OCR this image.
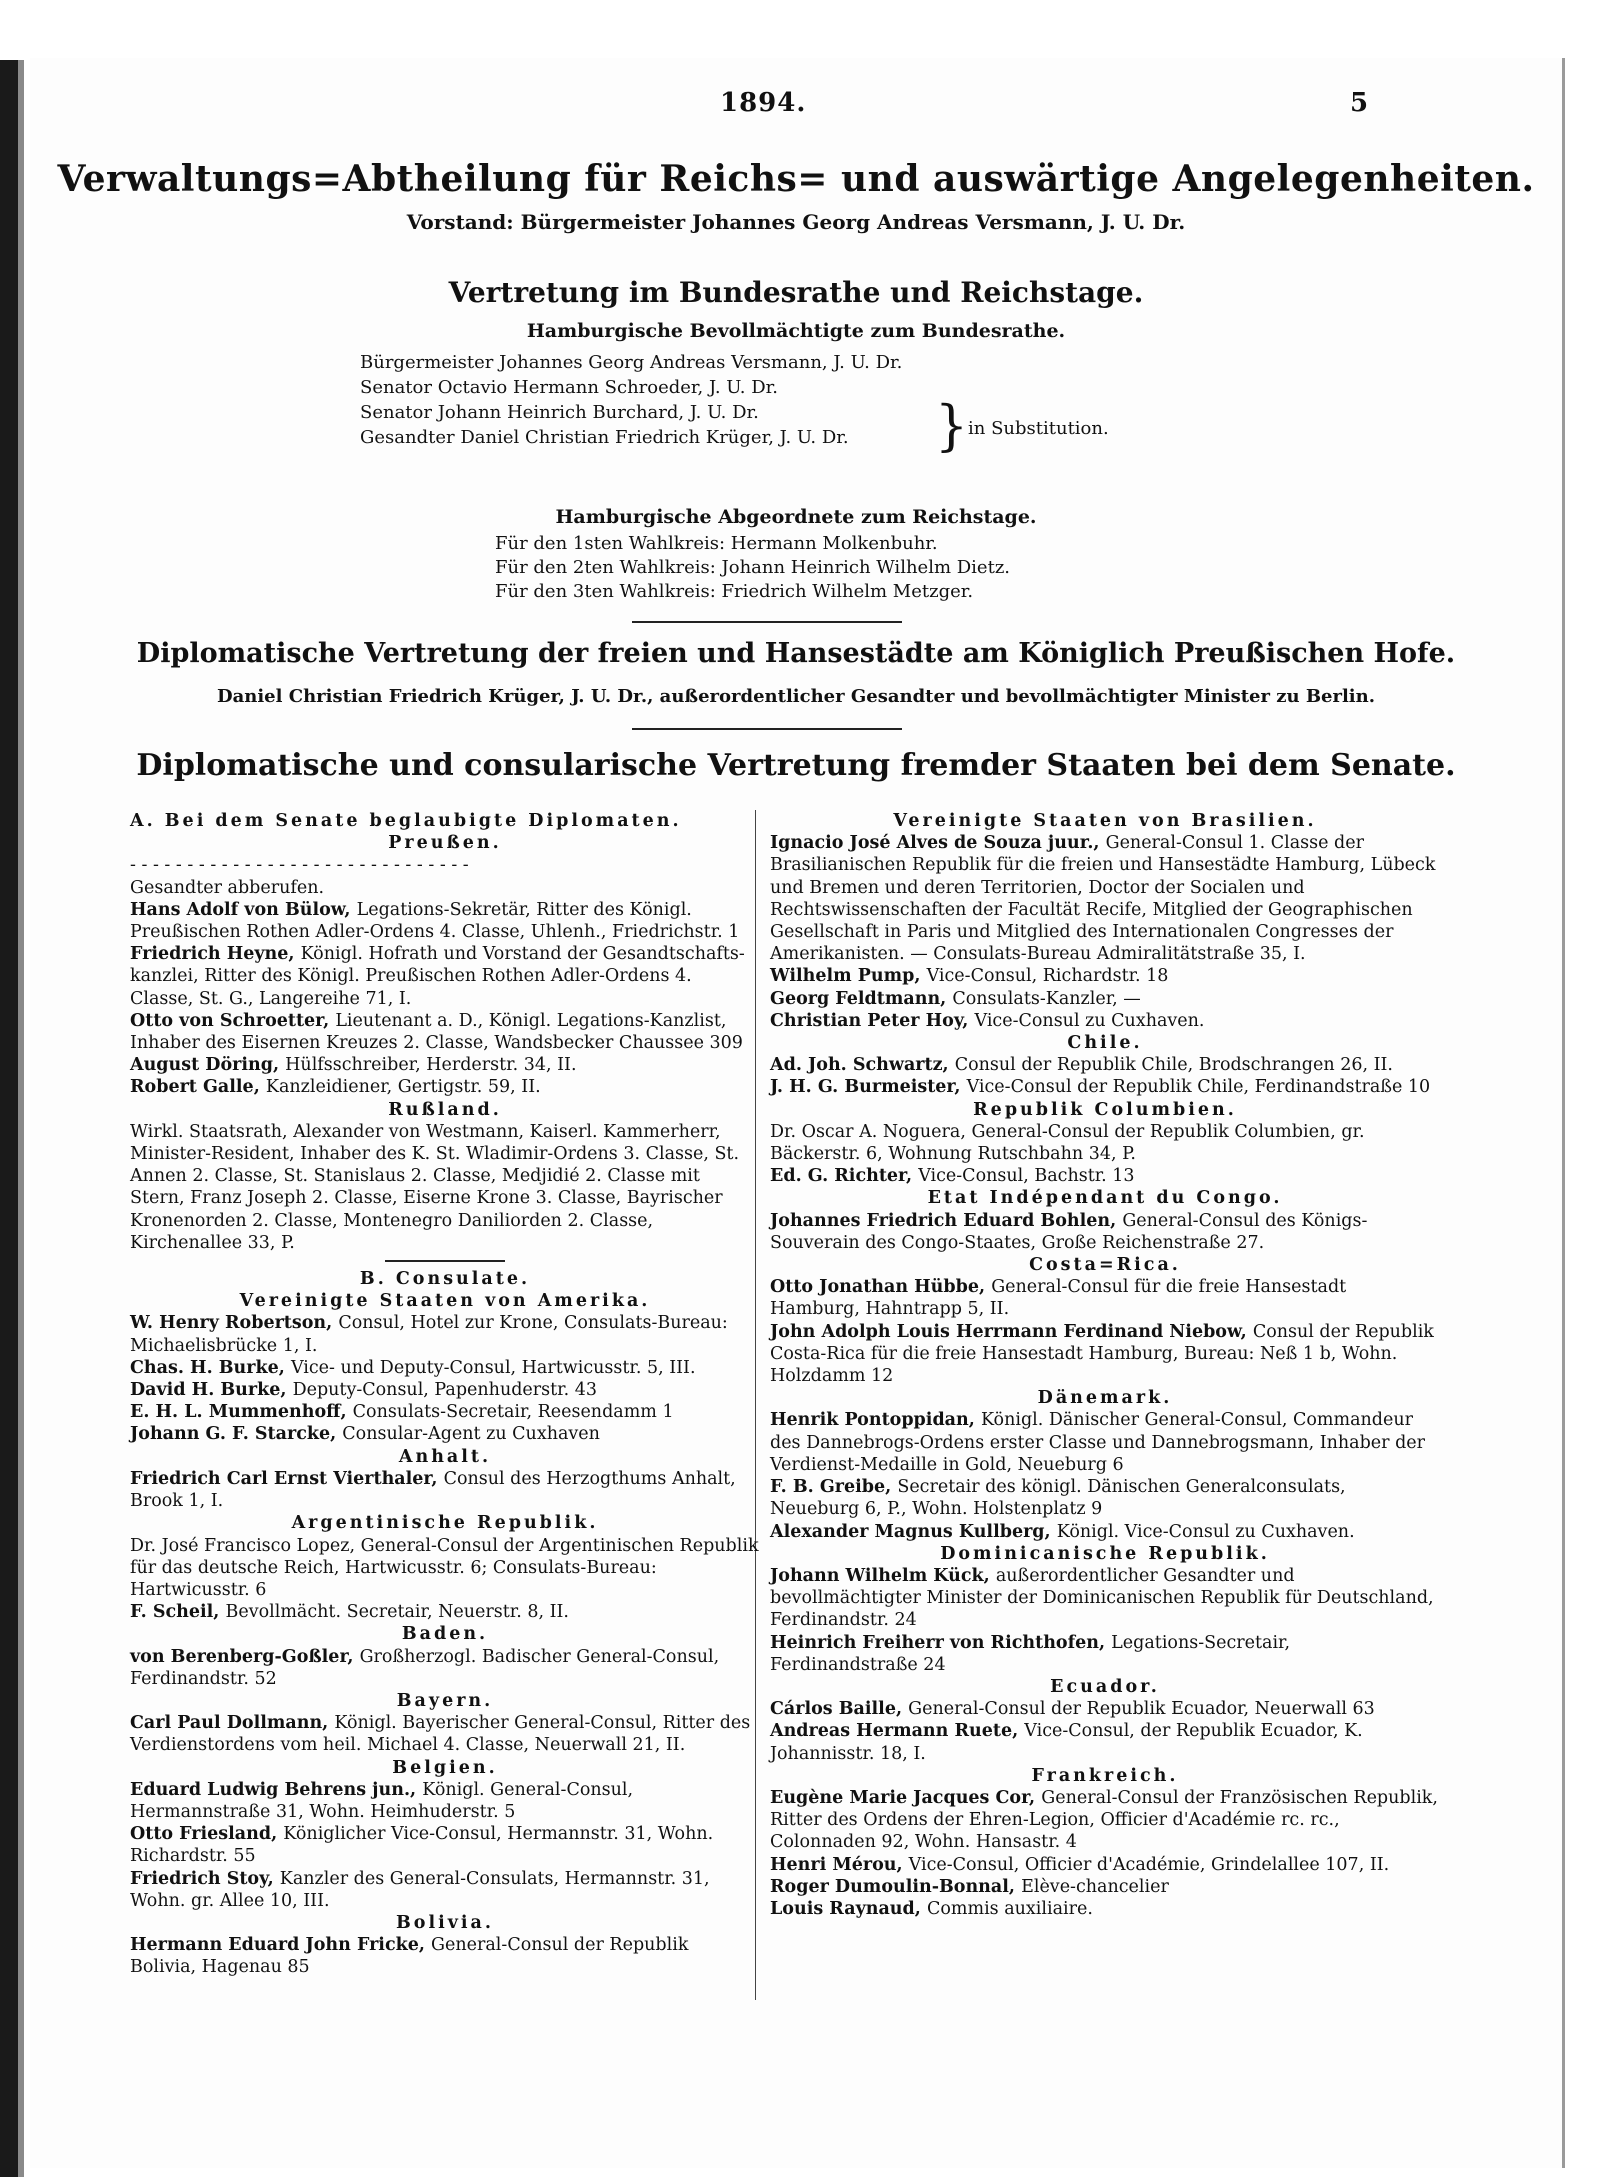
1894.	5
Verwaltungs=Abtheilung für Reichs= und auswärtige Angelegenheiten.
Vorstand: Bürgermeister Johannes Georg Andreas Versmann, J. U. Dr.
Vertretung im Bundesrathe und Reichstage.
Hamburgische Bevollmächtigte zum Bundesrathe.
Bürgermeister Johannes Georg Andreas Versmann, J. U. Dr.
Senator Octavio Hermann Schroeder, J. U. Dr.
Senator Johann Heinrich Burchard, J. U. Dr.
Gesandter Daniel Christian Friedrich Krüger, J. U. Dr.	} in Substitution.
Hamburgische Abgeordnete zum Reichstage.
Für den 1sten Wahlkreis: Hermann Molkenbuhr.
Für den 2ten Wahlkreis: Johann Heinrich Wilhelm Dietz.
Für den 3ten Wahlkreis: Friedrich Wilhelm Metzger.
Diplomatische Vertretung der freien und Hansestädte am Königlich Preußischen Hofe.
Daniel Christian Friedrich Krüger, J. U. Dr., außerordentlicher Gesandter und bevollmächtigter Minister zu Berlin.
Diplomatische und consularische Vertretung fremder Staaten bei dem Senate.
A. Bei dem Senate beglaubigte Diplomaten.
Preußen.
- - - - - - - - - - - - - - - - - - - - - - - - - - - - - -
Gesandter abberufen.
Hans Adolf von Bülow, Legations-Sekretär, Ritter des Königl. Preußischen Rothen Adler-Ordens 4. Classe, Uhlenh., Friedrichstr. 1
Friedrich Heyne, Königl. Hofrath und Vorstand der Gesandtschafts-kanzlei, Ritter des Königl. Preußischen Rothen Adler-Ordens 4. Classe, St. G., Langereihe 71, I.
Otto von Schroetter, Lieutenant a. D., Königl. Legations-Kanzlist, Inhaber des Eisernen Kreuzes 2. Classe, Wandsbecker Chaussee 309
August Döring, Hülfsschreiber, Herderstr. 34, II.
Robert Galle, Kanzleidiener, Gertigstr. 59, II.
Rußland.
Wirkl. Staatsrath, Alexander von Westmann, Kaiserl. Kammerherr, Minister-Resident, Inhaber des K. St. Wladimir-Ordens 3. Classe, St. Annen 2. Classe, St. Stanislaus 2. Classe, Medjidié 2. Classe mit Stern, Franz Joseph 2. Classe, Eiserne Krone 3. Classe, Bayrischer Kronenorden 2. Classe, Montenegro Daniliorden 2. Classe, Kirchenallee 33, P.
B. Consulate.
Vereinigte Staaten von Amerika.
W. Henry Robertson, Consul, Hotel zur Krone, Consulats-Bureau: Michaelisbrücke 1, I.
Chas. H. Burke, Vice- und Deputy-Consul, Hartwicusstr. 5, III.
David H. Burke, Deputy-Consul, Papenhuderstr. 43
E. H. L. Mummenhoff, Consulats-Secretair, Reesendamm 1
Johann G. F. Starcke, Consular-Agent zu Cuxhaven
Anhalt.
Friedrich Carl Ernst Vierthaler, Consul des Herzogthums Anhalt, Brook 1, I.
Argentinische Republik.
Dr. José Francisco Lopez, General-Consul der Argentinischen Republik für das deutsche Reich, Hartwicusstr. 6; Consulats-Bureau: Hartwicusstr. 6
F. Scheil, Bevollmächt. Secretair, Neuerstr. 8, II.
Baden.
von Berenberg-Goßler, Großherzogl. Badischer General-Consul, Ferdinandstr. 52
Bayern.
Carl Paul Dollmann, Königl. Bayerischer General-Consul, Ritter des Verdienstordens vom heil. Michael 4. Classe, Neuerwall 21, II.
Belgien.
Eduard Ludwig Behrens jun., Königl. General-Consul, Hermannstraße 31, Wohn. Heimhuderstr. 5
Otto Friesland, Königlicher Vice-Consul, Hermannstr. 31, Wohn. Richardstr. 55
Friedrich Stoy, Kanzler des General-Consulats, Hermannstr. 31, Wohn. gr. Allee 10, III.
Bolivia.
Hermann Eduard John Fricke, General-Consul der Republik Bolivia, Hagenau 85
Vereinigte Staaten von Brasilien.
Ignacio José Alves de Souza juur., General-Consul 1. Classe der Brasilianischen Republik für die freien und Hansestädte Hamburg, Lübeck und Bremen und deren Territorien, Doctor der Socialen und Rechtswissenschaften der Facultät Recife, Mitglied der Geographischen Gesellschaft in Paris und Mitglied des Internationalen Congresses der Amerikanisten. — Consulats-Bureau Admiralitätstraße 35, I.
Wilhelm Pump, Vice-Consul, Richardstr. 18
Georg Feldtmann, Consulats-Kanzler, —
Christian Peter Hoy, Vice-Consul zu Cuxhaven.
Chile.
Ad. Joh. Schwartz, Consul der Republik Chile, Brodschrangen 26, II.
J. H. G. Burmeister, Vice-Consul der Republik Chile, Ferdinandstraße 10
Republik Columbien.
Dr. Oscar A. Noguera, General-Consul der Republik Columbien, gr. Bäckerstr. 6, Wohnung Rutschbahn 34, P.
Ed. G. Richter, Vice-Consul, Bachstr. 13
Etat Indépendant du Congo.
Johannes Friedrich Eduard Bohlen, General-Consul des Königs-Souverain des Congo-Staates, Große Reichenstraße 27.
Costa=Rica.
Otto Jonathan Hübbe, General-Consul für die freie Hansestadt Hamburg, Hahntrapp 5, II.
John Adolph Louis Herrmann Ferdinand Niebow, Consul der Republik Costa-Rica für die freie Hansestadt Hamburg, Bureau: Neß 1 b, Wohn. Holzdamm 12
Dänemark.
Henrik Pontoppidan, Königl. Dänischer General-Consul, Commandeur des Dannebrogs-Ordens erster Classe und Dannebrogsmann, Inhaber der Verdienst-Medaille in Gold, Neueburg 6
F. B. Greibe, Secretair des königl. Dänischen Generalconsulats, Neueburg 6, P., Wohn. Holstenplatz 9
Alexander Magnus Kullberg, Königl. Vice-Consul zu Cuxhaven.
Dominicanische Republik.
Johann Wilhelm Kück, außerordentlicher Gesandter und bevollmächtigter Minister der Dominicanischen Republik für Deutschland, Ferdinandstr. 24
Heinrich Freiherr von Richthofen, Legations-Secretair, Ferdinandstraße 24
Ecuador.
Cárlos Baille, General-Consul der Republik Ecuador, Neuerwall 63
Andreas Hermann Ruete, Vice-Consul, der Republik Ecuador, K. Johannisstr. 18, I.
Frankreich.
Eugène Marie Jacques Cor, General-Consul der Französischen Republik, Ritter des Ordens der Ehren-Legion, Officier d'Académie rc. rc., Colonnaden 92, Wohn. Hansastr. 4
Henri Mérou, Vice-Consul, Officier d'Académie, Grindelallee 107, II.
Roger Dumoulin-Bonnal, Elève-chancelier
Louis Raynaud, Commis auxiliaire.
